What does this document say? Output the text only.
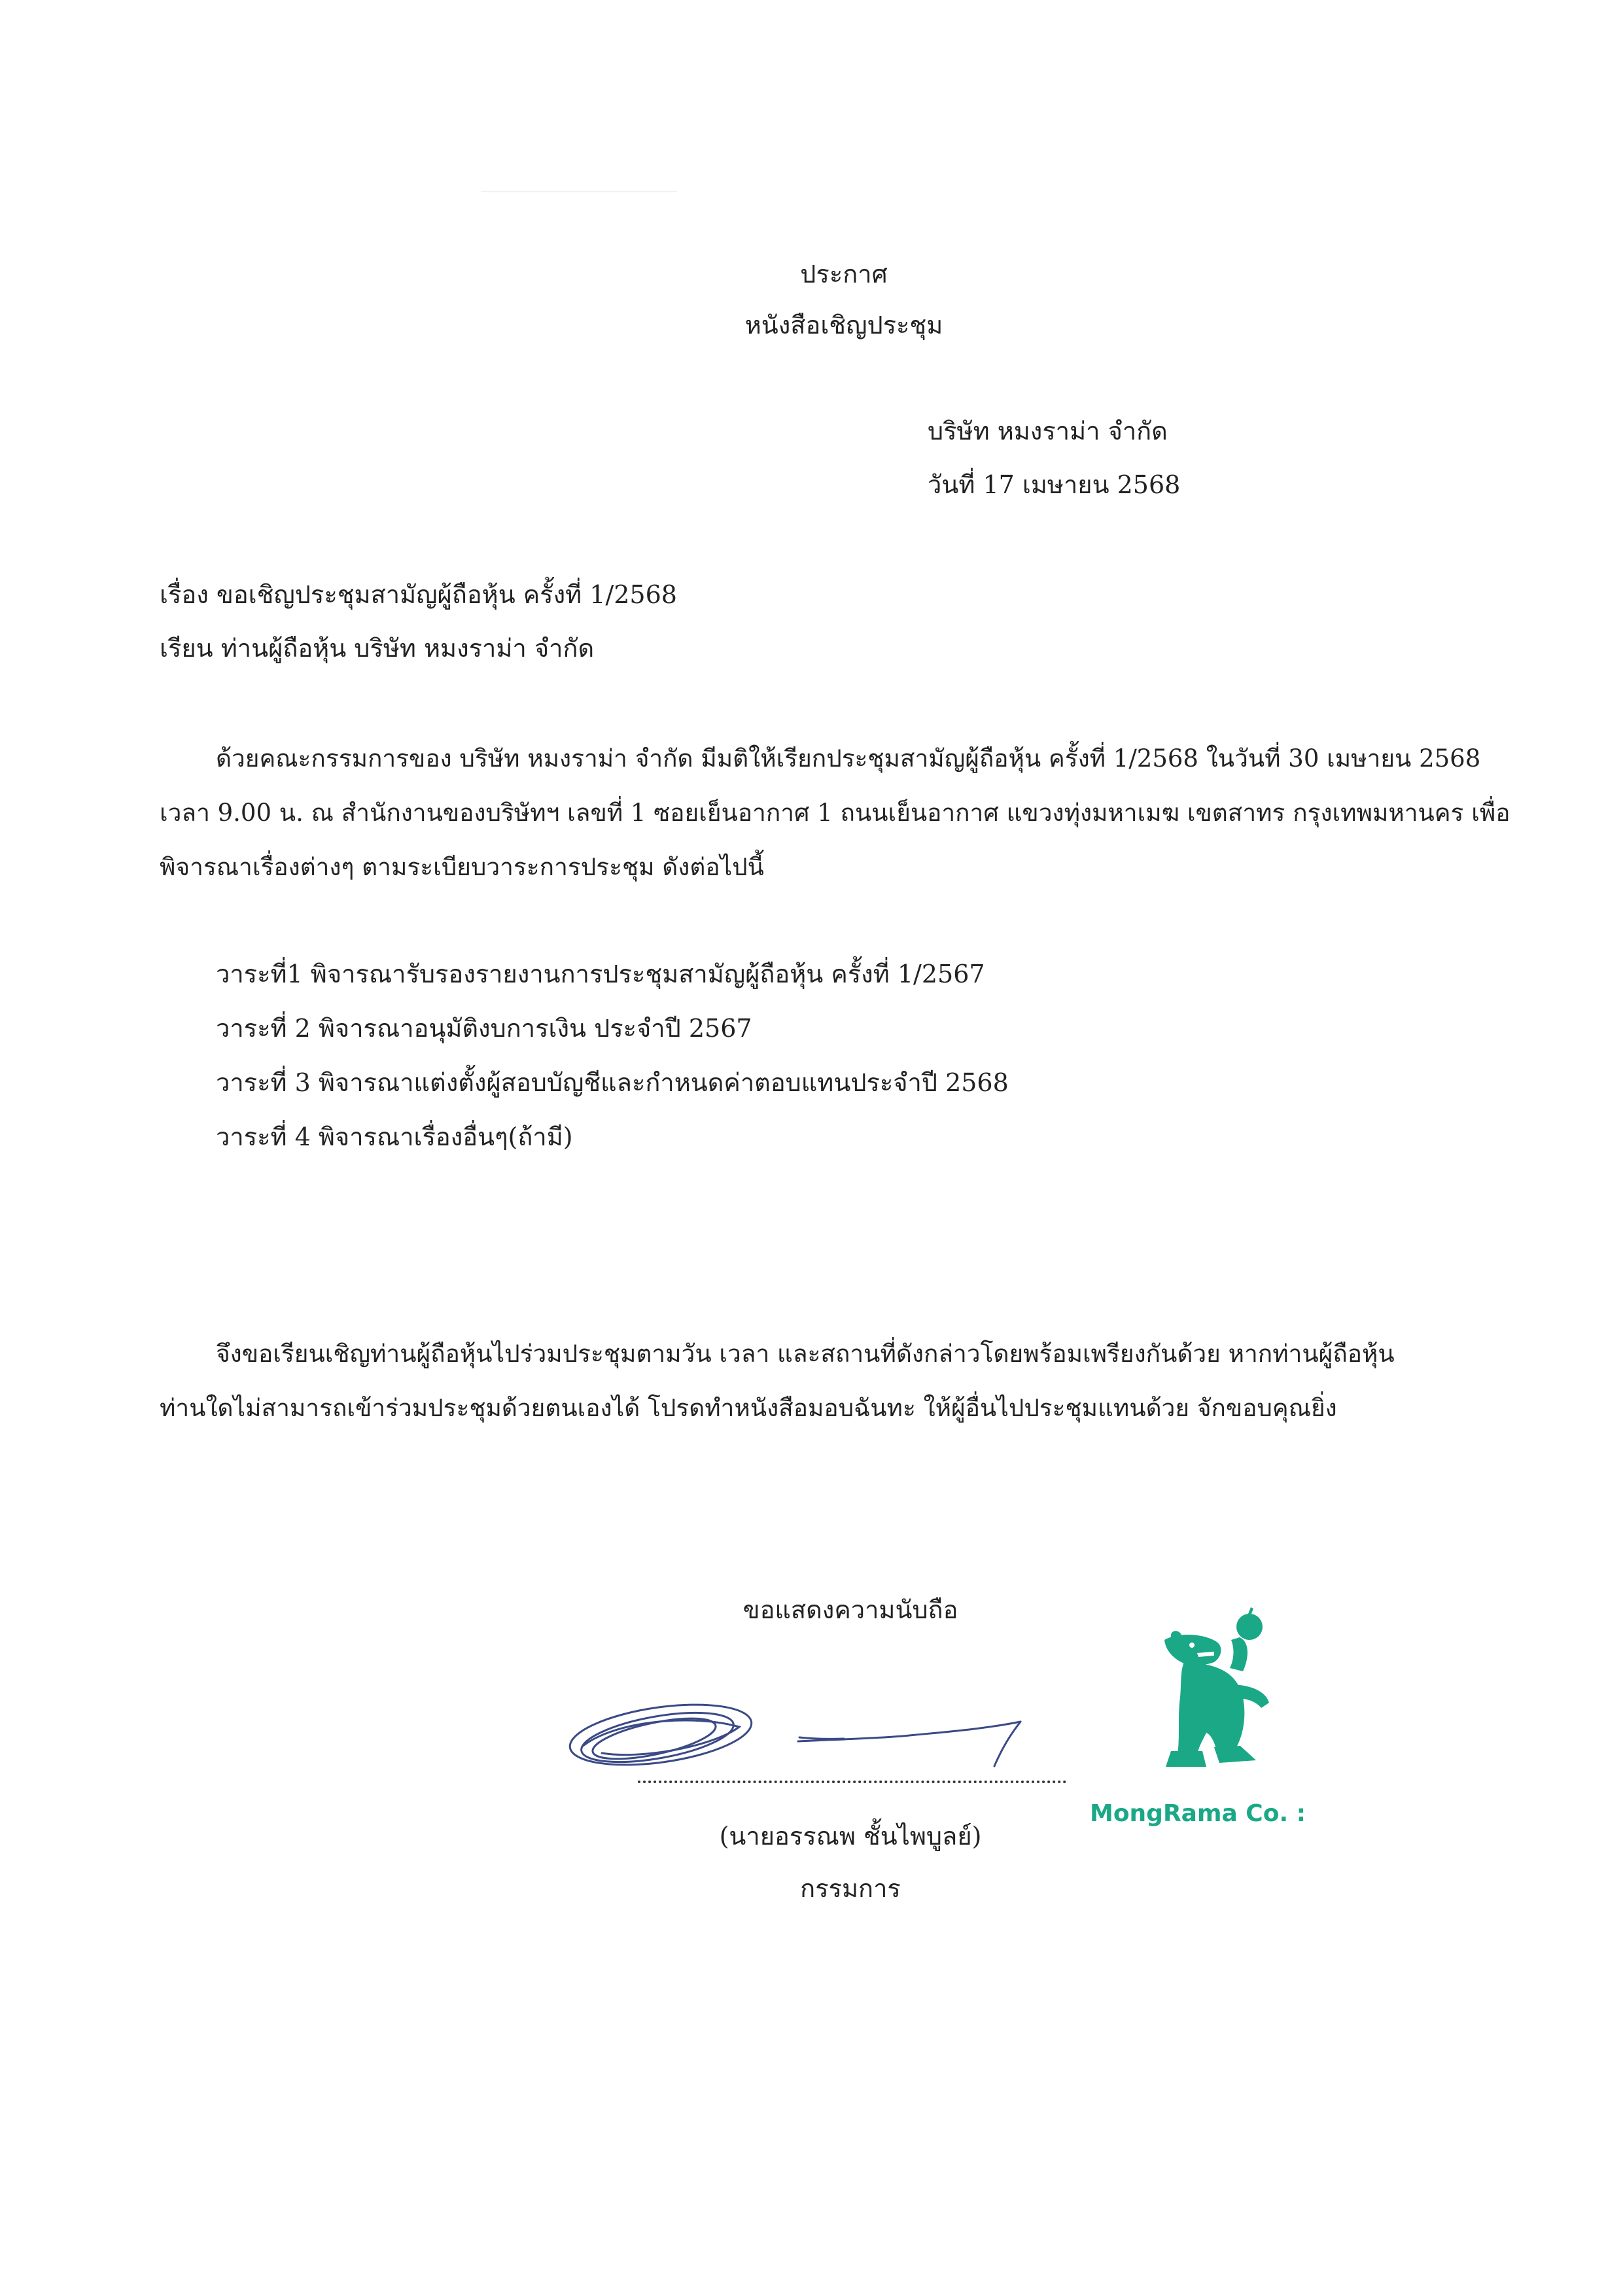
ประกาศ
หนังสือเชิญประชุม
บริษัท หมงราม่า จำกัด
วันที่ 17 เมษายน 2568
เรื่อง ขอเชิญประชุมสามัญผู้ถือหุ้น ครั้งที่ 1/2568
เรียน ท่านผู้ถือหุ้น บริษัท หมงราม่า จำกัด
ด้วยคณะกรรมการของ บริษัท หมงราม่า จำกัด มีมติให้เรียกประชุมสามัญผู้ถือหุ้น ครั้งที่ 1/2568 ในวันที่ 30 เมษายน 2568
เวลา 9.00 น. ณ สำนักงานของบริษัทฯ เลขที่ 1 ซอยเย็นอากาศ 1 ถนนเย็นอากาศ แขวงทุ่งมหาเมฆ เขตสาทร กรุงเทพมหานคร เพื่อ
พิจารณาเรื่องต่างๆ ตามระเบียบวาระการประชุม ดังต่อไปนี้
วาระที่1 พิจารณารับรองรายงานการประชุมสามัญผู้ถือหุ้น ครั้งที่ 1/2567
วาระที่ 2 พิจารณาอนุมัติงบการเงิน ประจำปี 2567
วาระที่ 3 พิจารณาแต่งตั้งผู้สอบบัญชีและกำหนดค่าตอบแทนประจำปี 2568
วาระที่ 4 พิจารณาเรื่องอื่นๆ(ถ้ามี)
จึงขอเรียนเชิญท่านผู้ถือหุ้นไปร่วมประชุมตามวัน เวลา และสถานที่ดังกล่าวโดยพร้อมเพรียงกันด้วย หากท่านผู้ถือหุ้น
ท่านใดไม่สามารถเข้าร่วมประชุมด้วยตนเองได้ โปรดทำหนังสือมอบฉันทะ ให้ผู้อื่นไปประชุมแทนด้วย จักขอบคุณยิ่ง
ขอแสดงความนับถือ
MongRama Co. :
(นายอรรณพ ชั้นไพบูลย์)
กรรมการ
